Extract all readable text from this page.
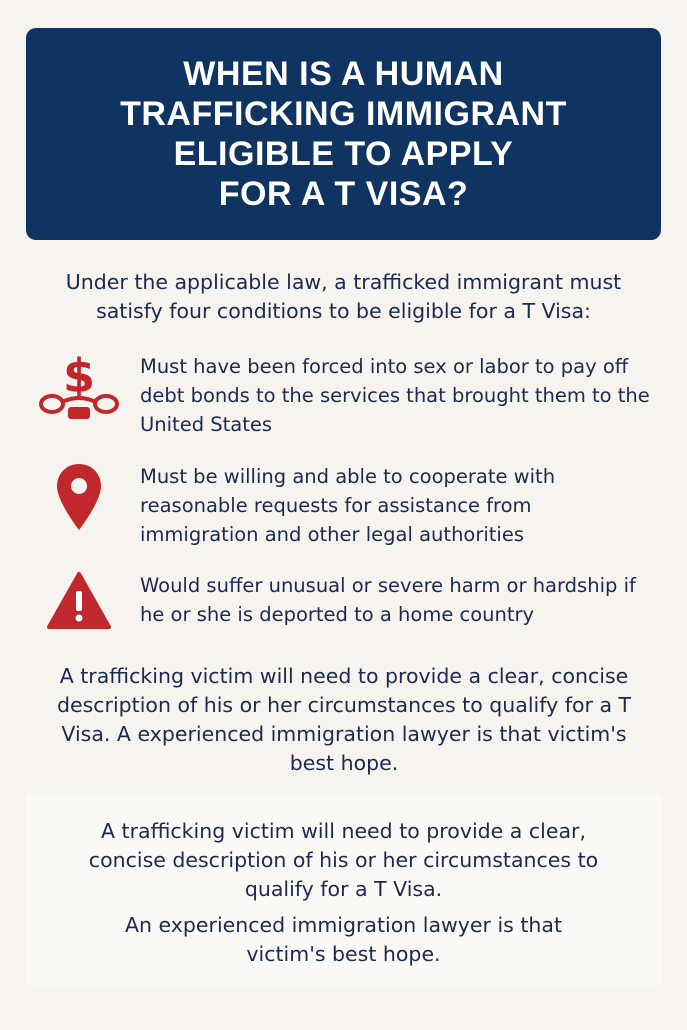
WHEN IS A HUMAN
TRAFFICKING IMMIGRANT
ELIGIBLE TO APPLY
FOR A T VISA?
Under the applicable law, a trafficked immigrant must satisfy four conditions to be eligible for a T Visa:
$ Must have been forced into sex or labor to pay off debt bonds to the services that brought them to the United States
Must be willing and able to cooperate with reasonable requests for assistance from immigration and other legal authorities
Would suffer unusual or severe harm or hardship if he or she is deported to a home country
A trafficking victim will need to provide a clear, concise description of his or her circumstances to qualify for a T Visa. A experienced immigration lawyer is that victim's best hope.
A trafficking victim will need to provide a clear, concise description of his or her circumstances to qualify for a T Visa.
An experienced immigration lawyer is that victim's best hope.
